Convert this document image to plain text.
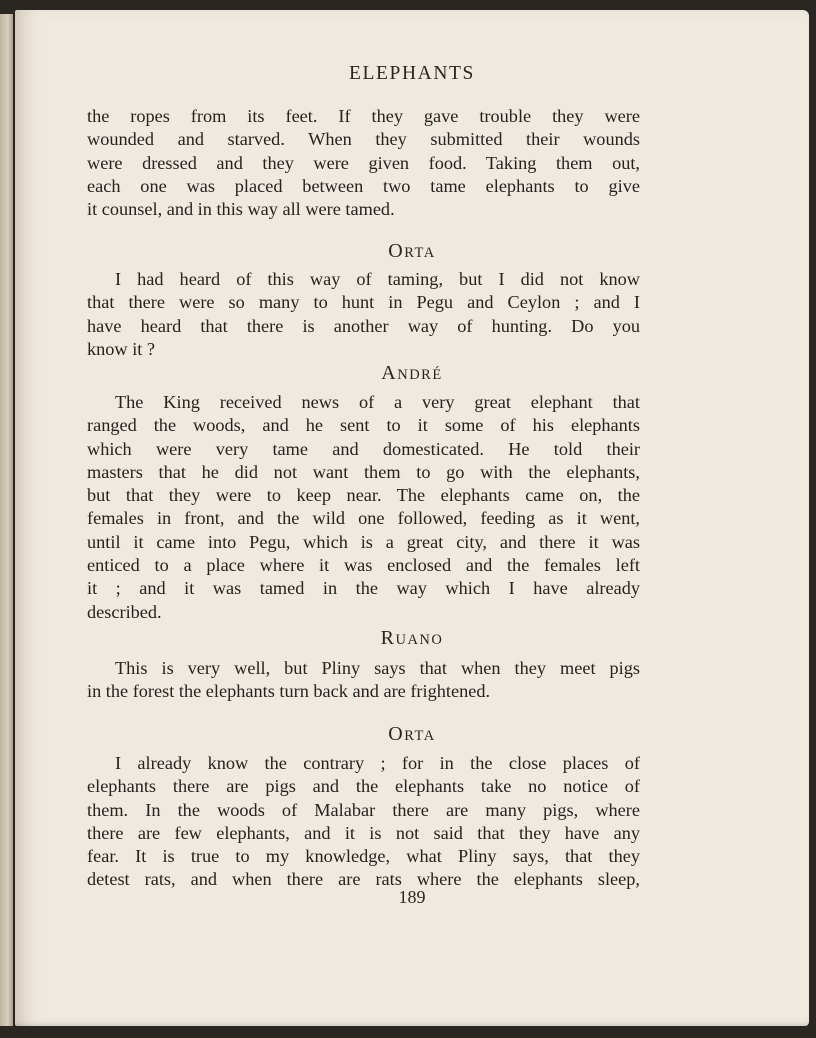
ELEPHANTS

the ropes from its feet. If they gave trouble they were
wounded and starved. When they submitted their wounds
were dressed and they were given food. Taking them out,
each one was placed between two tame elephants to give
it counsel, and in this way all were tamed.

ORTA

I had heard of this way of taming, but I did not know
that there were so many to hunt in Pegu and Ceylon ; and I
have heard that there is another way of hunting. Do you
know it ?

ANDRÉ

The King received news of a very great elephant that
ranged the woods, and he sent to it some of his elephants
which were very tame and domesticated. He told their
masters that he did not want them to go with the elephants,
but that they were to keep near. The elephants came on, the
females in front, and the wild one followed, feeding as it went,
until it came into Pegu, which is a great city, and there it was
enticed to a place where it was enclosed and the females left
it ; and it was tamed in the way which I have already
described.

RUANO

This is very well, but Pliny says that when they meet pigs
in the forest the elephants turn back and are frightened.

ORTA

I already know the contrary ; for in the close places of
elephants there are pigs and the elephants take no notice of
them. In the woods of Malabar there are many pigs, where
there are few elephants, and it is not said that they have any
fear. It is true to my knowledge, what Pliny says, that they
detest rats, and when there are rats where the elephants sleep,

189
